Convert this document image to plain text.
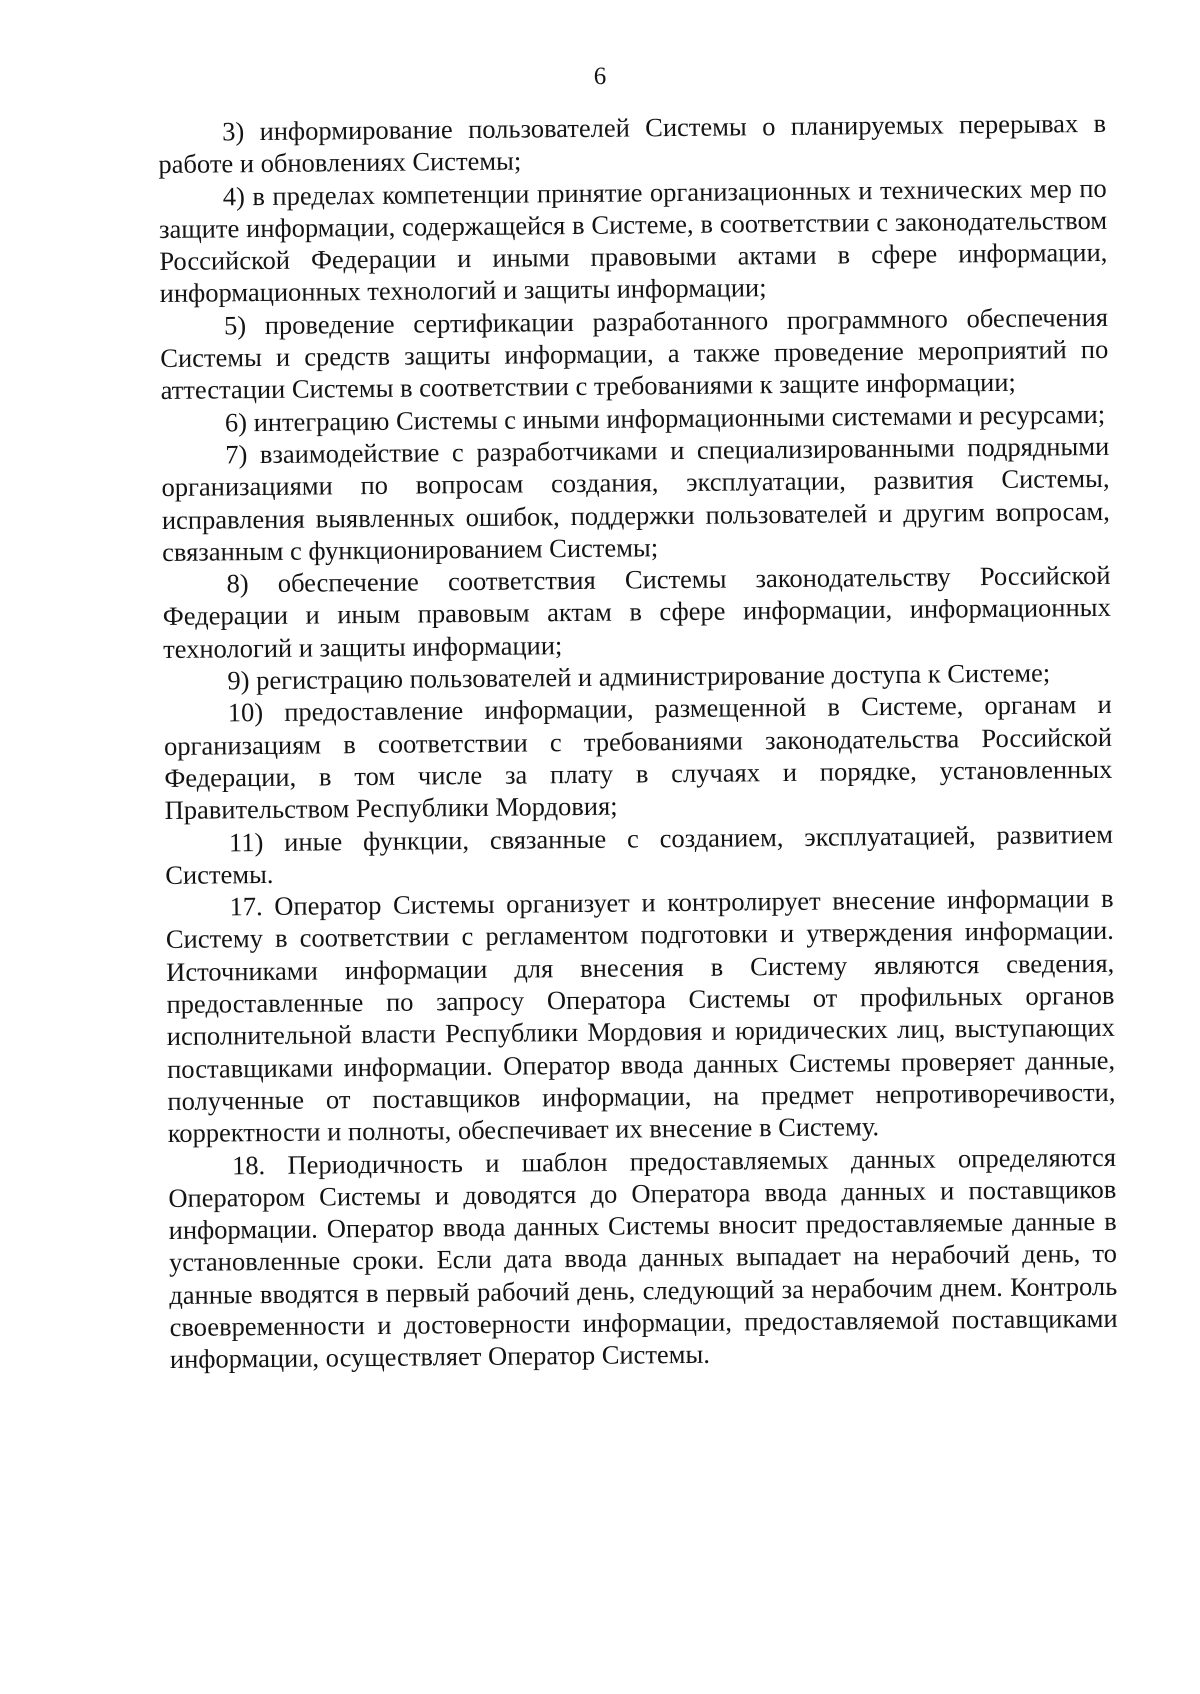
6

3) информирование пользователей Системы о планируемых перерывах в работе и обновлениях Системы;

4) в пределах компетенции принятие организационных и технических мер по защите информации, содержащейся в Системе, в соответствии с законодательством Российской Федерации и иными правовыми актами в сфере информации, информационных технологий и защиты информации;

5) проведение сертификации разработанного программного обеспечения Системы и средств защиты информации, а также проведение мероприятий по аттестации Системы в соответствии с требованиями к защите информации;

6) интеграцию Системы с иными информационными системами и ресурсами;

7) взаимодействие с разработчиками и специализированными подрядными организациями по вопросам создания, эксплуатации, развития Системы, исправления выявленных ошибок, поддержки пользователей и другим вопросам, связанным с функционированием Системы;

8) обеспечение соответствия Системы законодательству Российской Федерации и иным правовым актам в сфере информации, информационных технологий и защиты информации;

9) регистрацию пользователей и администрирование доступа к Системе;

10) предоставление информации, размещенной в Системе, органам и организациям в соответствии с требованиями законодательства Российской Федерации, в том числе за плату в случаях и порядке, установленных Правительством Республики Мордовия;

11) иные функции, связанные с созданием, эксплуатацией, развитием Системы.

17. Оператор Системы организует и контролирует внесение информации в Систему в соответствии с регламентом подготовки и утверждения информации. Источниками информации для внесения в Систему являются сведения, предоставленные по запросу Оператора Системы от профильных органов исполнительной власти Республики Мордовия и юридических лиц, выступающих поставщиками информации. Оператор ввода данных Системы проверяет данные, полученные от поставщиков информации, на предмет непротиворечивости, корректности и полноты, обеспечивает их внесение в Систему.

18. Периодичность и шаблон предоставляемых данных определяются Оператором Системы и доводятся до Оператора ввода данных и поставщиков информации. Оператор ввода данных Системы вносит предоставляемые данные в установленные сроки. Если дата ввода данных выпадает на нерабочий день, то данные вводятся в первый рабочий день, следующий за нерабочим днем. Контроль своевременности и достоверности информации, предоставляемой поставщиками информации, осуществляет Оператор Системы.
